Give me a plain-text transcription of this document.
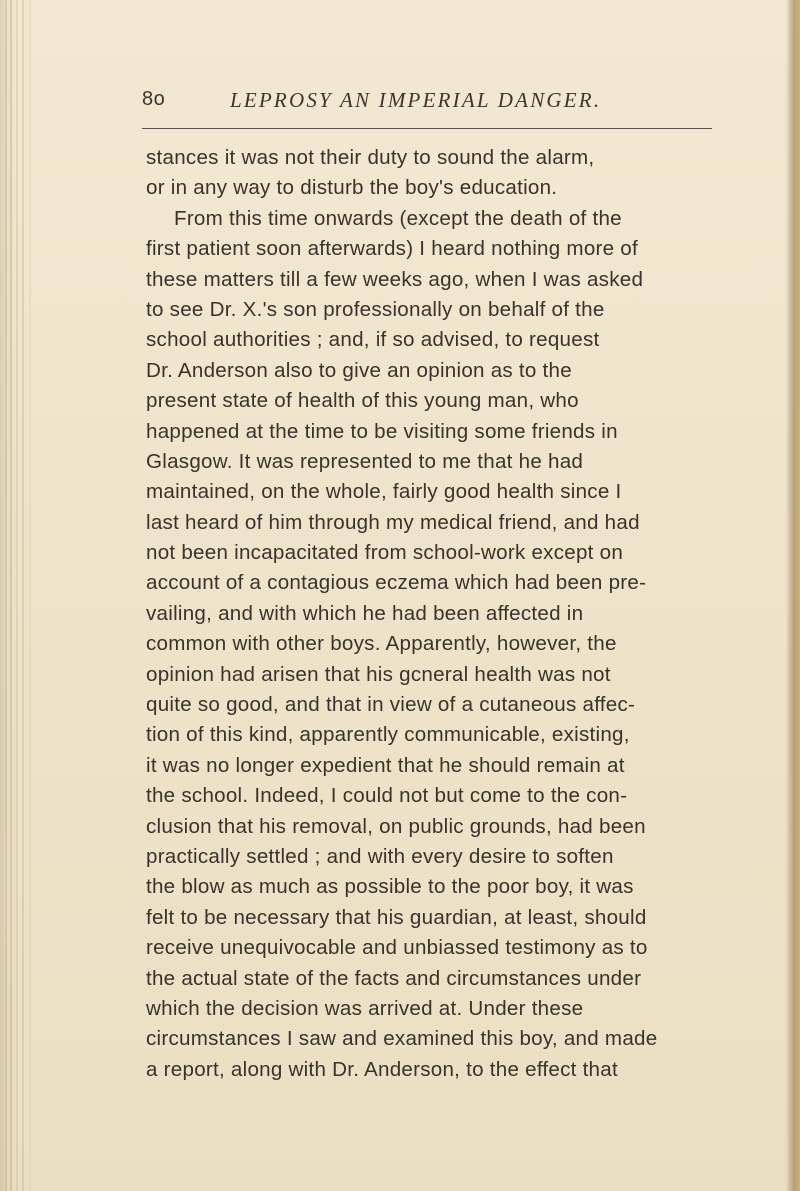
8o	LEPROSY AN IMPERIAL DANGER.
stances it was not their duty to sound the alarm,
or in any way to disturb the boy's education.
From this time onwards (except the death of the
first patient soon afterwards) I heard nothing more of
these matters till a few weeks ago, when I was asked
to see Dr. X.'s son professionally on behalf of the
school authorities ; and, if so advised, to request
Dr. Anderson also to give an opinion as to the
present state of health of this young man, who
happened at the time to be visiting some friends in
Glasgow. It was represented to me that he had
maintained, on the whole, fairly good health since I
last heard of him through my medical friend, and had
not been incapacitated from school-work except on
account of a contagious eczema which had been pre-
vailing, and with which he had been affected in
common with other boys. Apparently, however, the
opinion had arisen that his gcneral health was not
quite so good, and that in view of a cutaneous affec-
tion of this kind, apparently communicable, existing,
it was no longer expedient that he should remain at
the school. Indeed, I could not but come to the con-
clusion that his removal, on public grounds, had been
practically settled ; and with every desire to soften
the blow as much as possible to the poor boy, it was
felt to be necessary that his guardian, at least, should
receive unequivocable and unbiassed testimony as to
the actual state of the facts and circumstances under
which the decision was arrived at. Under these
circumstances I saw and examined this boy, and made
a report, along with Dr. Anderson, to the effect that
